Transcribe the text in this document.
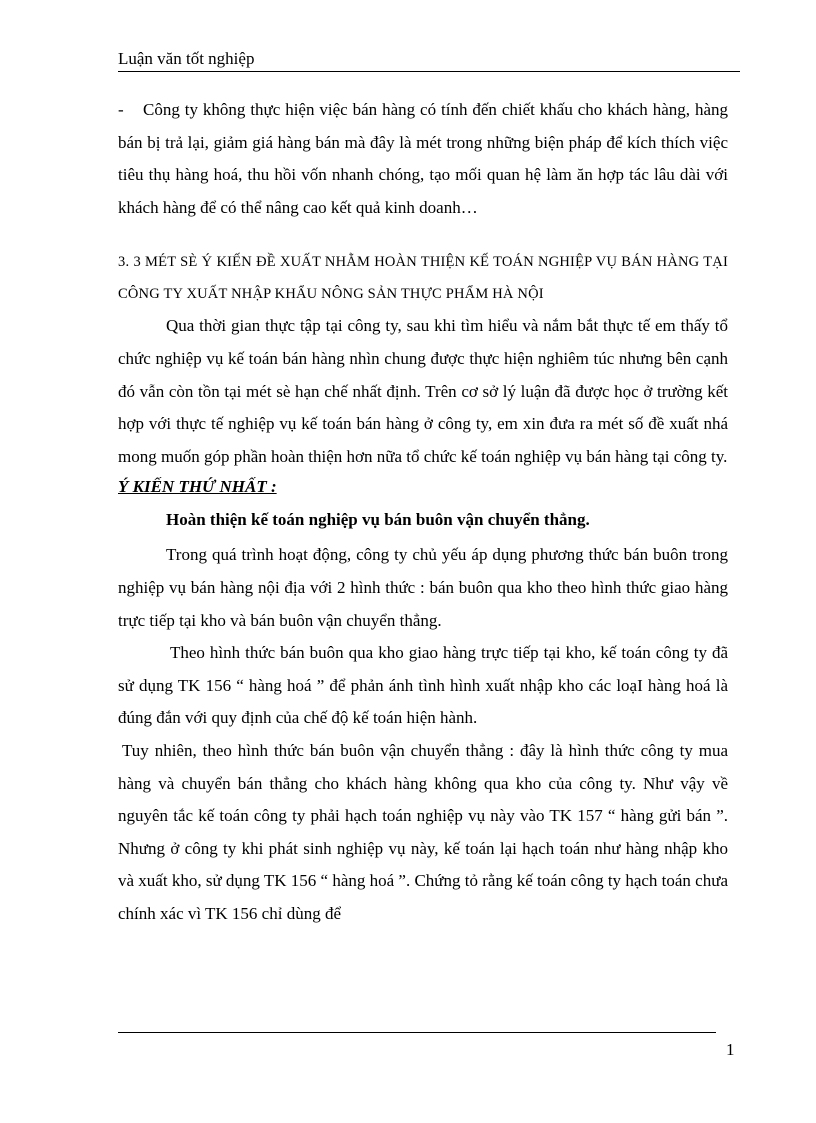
Luận văn tốt nghiệp

- Công ty không thực hiện việc bán hàng có tính đến chiết khấu cho khách hàng, hàng bán bị trả lại, giảm giá hàng bán mà đây là mét trong những biện pháp để kích thích việc tiêu thụ hàng hoá, thu hồi vốn nhanh chóng, tạo mối quan hệ làm ăn hợp tác lâu dài với khách hàng để có thể nâng cao kết quả kinh doanh…

3. 3 MÉT SÈ Ý KIẾN ĐỀ XUẤT NHẰM HOÀN THIỆN KẾ TOÁN NGHIỆP VỤ BÁN HÀNG TẠI CÔNG TY XUẤT NHẬP KHẨU NÔNG SẢN THỰC PHẨM HÀ NỘI

Qua thời gian thực tập tại công ty, sau khi tìm hiểu và nắm bắt thực tế em thấy tổ chức nghiệp vụ kế toán bán hàng nhìn chung được thực hiện nghiêm túc nhưng bên cạnh đó vẫn còn tồn tại mét sè hạn chế nhất định. Trên cơ sở lý luận đã được học ở trường kết hợp với thực tế nghiệp vụ kế toán bán hàng ở công ty, em xin đưa ra mét số đề xuất nhá mong muốn góp phần hoàn thiện hơn nữa tổ chức kế toán nghiệp vụ bán hàng tại công ty.

Ý KIẾN THỨ NHẤT :

Hoàn thiện kế toán nghiệp vụ bán buôn vận chuyển thẳng.

Trong quá trình hoạt động, công ty chủ yếu áp dụng phương thức bán buôn trong nghiệp vụ bán hàng nội địa với 2 hình thức : bán buôn qua kho theo hình thức giao hàng trực tiếp tại kho và bán buôn vận chuyển thẳng.

Theo hình thức bán buôn qua kho giao hàng trực tiếp tại kho, kế toán công ty đã sử dụng TK 156 “ hàng hoá ” để phản ánh tình hình xuất nhập kho các loạI hàng hoá là đúng đắn với quy định của chế độ kế toán hiện hành.

Tuy nhiên, theo hình thức bán buôn vận chuyển thẳng : đây là hình thức công ty mua hàng và chuyển bán thẳng cho khách hàng không qua kho của công ty. Như vậy về nguyên tắc kế toán công ty phải hạch toán nghiệp vụ này vào TK 157 “ hàng gửi bán ”. Nhưng ở công ty khi phát sinh nghiệp vụ này, kế toán lại hạch toán như hàng nhập kho và xuất kho, sử dụng TK 156 “ hàng hoá ”. Chứng tỏ rằng kế toán công ty hạch toán chưa chính xác vì TK 156 chỉ dùng để

1
